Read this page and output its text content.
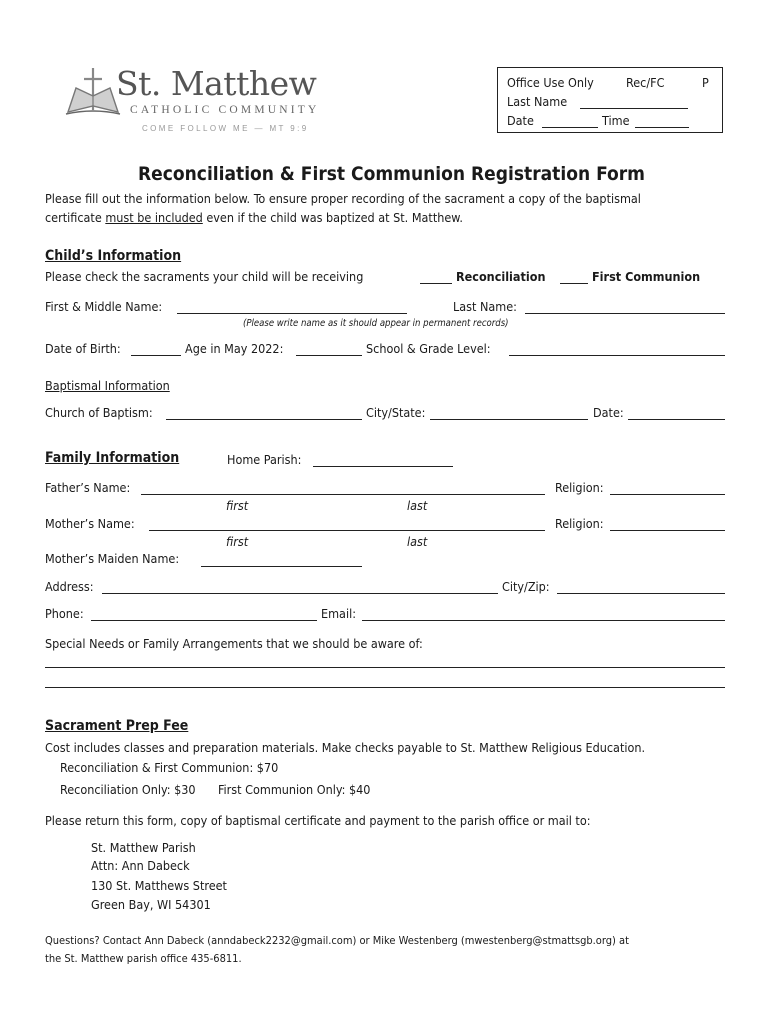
St. Matthew
CATHOLIC COMMUNITY
COME FOLLOW ME — MT 9:9
Office Use Only	Rec/FC	P
Last Name
Date	Time
Reconciliation & First Communion Registration Form
Please fill out the information below. To ensure proper recording of the sacrament a copy of the baptismal
certificate must be included even if the child was baptized at St. Matthew.
Child’s Information
Please check the sacraments your child will be receiving	Reconciliation	First Communion
First & Middle Name:	Last Name:
(Please write name as it should appear in permanent records)
Date of Birth:	Age in May 2022:	School & Grade Level:
Baptismal Information
Church of Baptism:	City/State:	Date:
Family Information	Home Parish:
Father’s Name:	Religion:
first	last
Mother’s Name:	Religion:
first	last
Mother’s Maiden Name:
Address:	City/Zip:
Phone:	Email:
Special Needs or Family Arrangements that we should be aware of:
Sacrament Prep Fee
Cost includes classes and preparation materials. Make checks payable to St. Matthew Religious Education.
Reconciliation & First Communion: $70
Reconciliation Only: $30 First Communion Only: $40
Please return this form, copy of baptismal certificate and payment to the parish office or mail to:
St. Matthew Parish
Attn: Ann Dabeck
130 St. Matthews Street
Green Bay, WI 54301
Questions? Contact Ann Dabeck (anndabeck2232@gmail.com) or Mike Westenberg (mwestenberg@stmattsgb.org) at
the St. Matthew parish office 435-6811.
